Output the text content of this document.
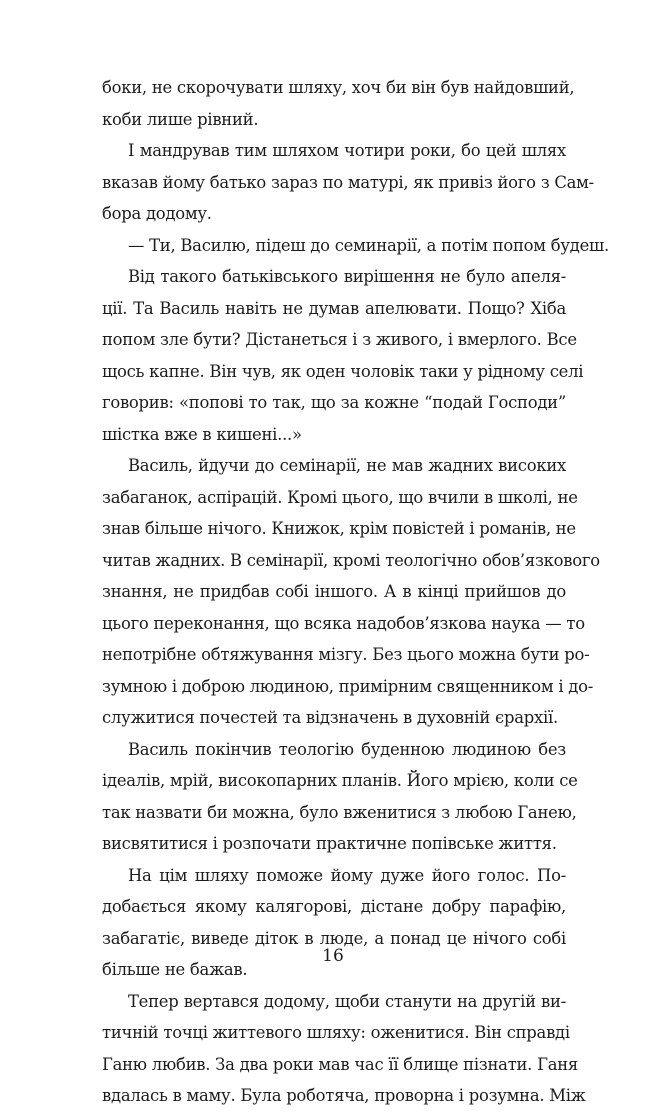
боки, не скорочувати шляху, хоч би він був найдовший,
коби лише рівний.
І мандрував тим шляхом чотири роки, бо цей шлях
вказав йому батько зараз по матурі, як привіз його з Сам-
бора додому.
— Ти, Василю, підеш до семинарії, а потім попом будеш.
Від такого батьківського вирішення не було апеля-
ції. Та Василь навіть не думав апелювати. Пощо? Хіба
попом зле бути? Дістанеться і з живого, і вмерлого. Все
щось капне. Він чув, як оден чоловік таки у рідному селі
говорив: «попові то так, що за кожне “подай Господи”
шістка вже в кишені...»
Василь, йдучи до семінарії, не мав жадних високих
забаганок, аспірацій. Кромі цього, що вчили в школі, не
знав більше нічого. Книжок, крім повістей і романів, не
читав жадних. В семінарії, кромі теологічно обов’язкового
знання, не придбав собі іншого. А в кінці прийшов до
цього переконання, що всяка надобов’язкова наука — то
непотрібне обтяжування мізгу. Без цього можна бути ро-
зумною і доброю людиною, примірним священником і до-
служитися почестей та відзначень в духовній єрархії.
Василь покінчив теологію буденною людиною без
ідеалів, мрій, високопарних планів. Його мрією, коли се
так назвати би можна, було вженитися з любою Ганею,
висвятитися і розпочати практичне попівське життя.
На цім шляху поможе йому дуже його голос. По-
добається якому калягорові, дістане добру парафію,
забагатіє, виведе діток в люде, а понад це нічого собі
більше не бажав.
Тепер вертався додому, щоби станути на другій ви-
тичній точці життевого шляху: оженитися. Він справді
Ганю любив. За два роки мав час її блище пізнати. Ганя
вдалась в маму. Була роботяча, проворна і розумна. Між
16
